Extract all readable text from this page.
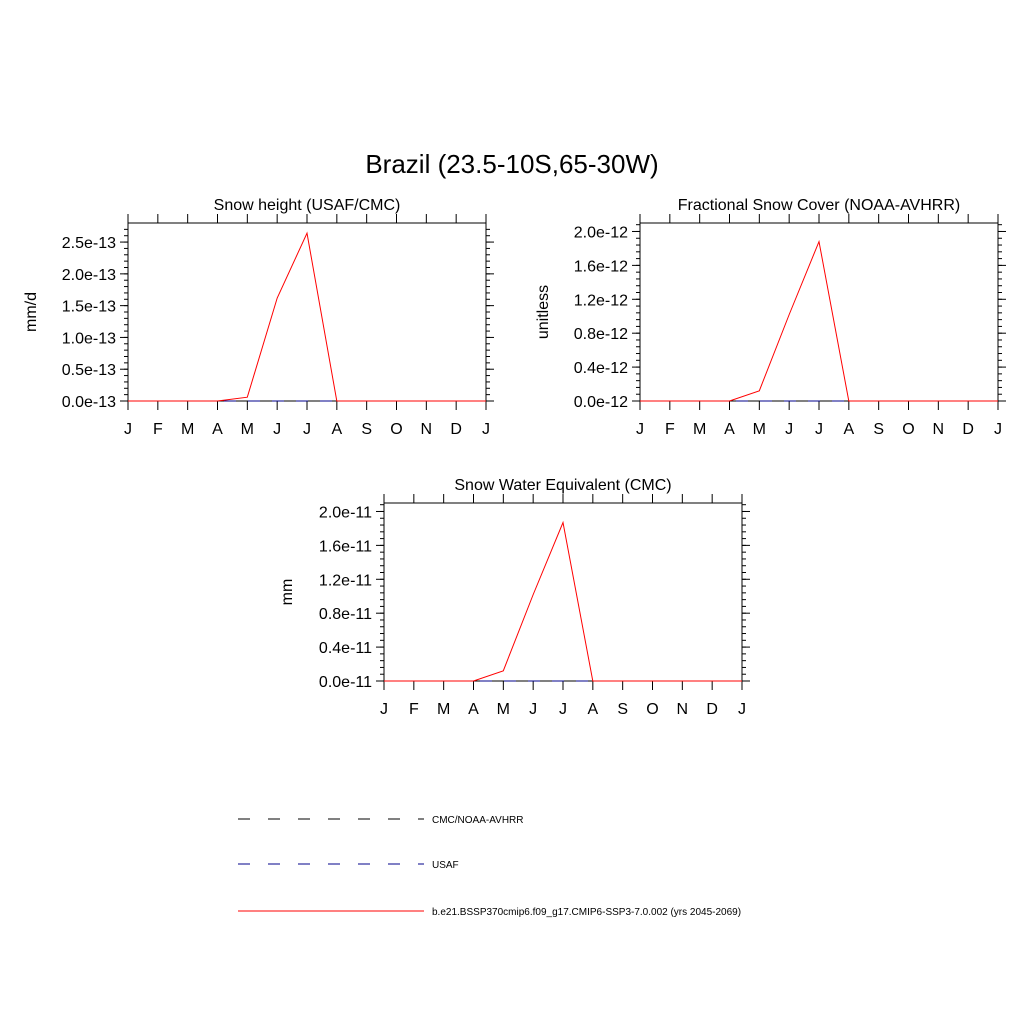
Brazil (23.5-10S,65-30W)
Snow height (USAF/CMC)
mm/d
J F M A M J J A S O N D J
0.0e-13
0.5e-13
1.0e-13
1.5e-13
2.0e-13
2.5e-13
Fractional Snow Cover (NOAA-AVHRR)
unitless
J F M A M J J A S O N D J
0.0e-12
0.4e-12
0.8e-12
1.2e-12
1.6e-12
2.0e-12
Snow Water Equivalent (CMC)
mm
J F M A M J J A S O N D J
0.0e-11
0.4e-11
0.8e-11
1.2e-11
1.6e-11
2.0e-11
CMC/NOAA-AVHRR
USAF
b.e21.BSSP370cmip6.f09_g17.CMIP6-SSP3-7.0.002 (yrs 2045-2069)
